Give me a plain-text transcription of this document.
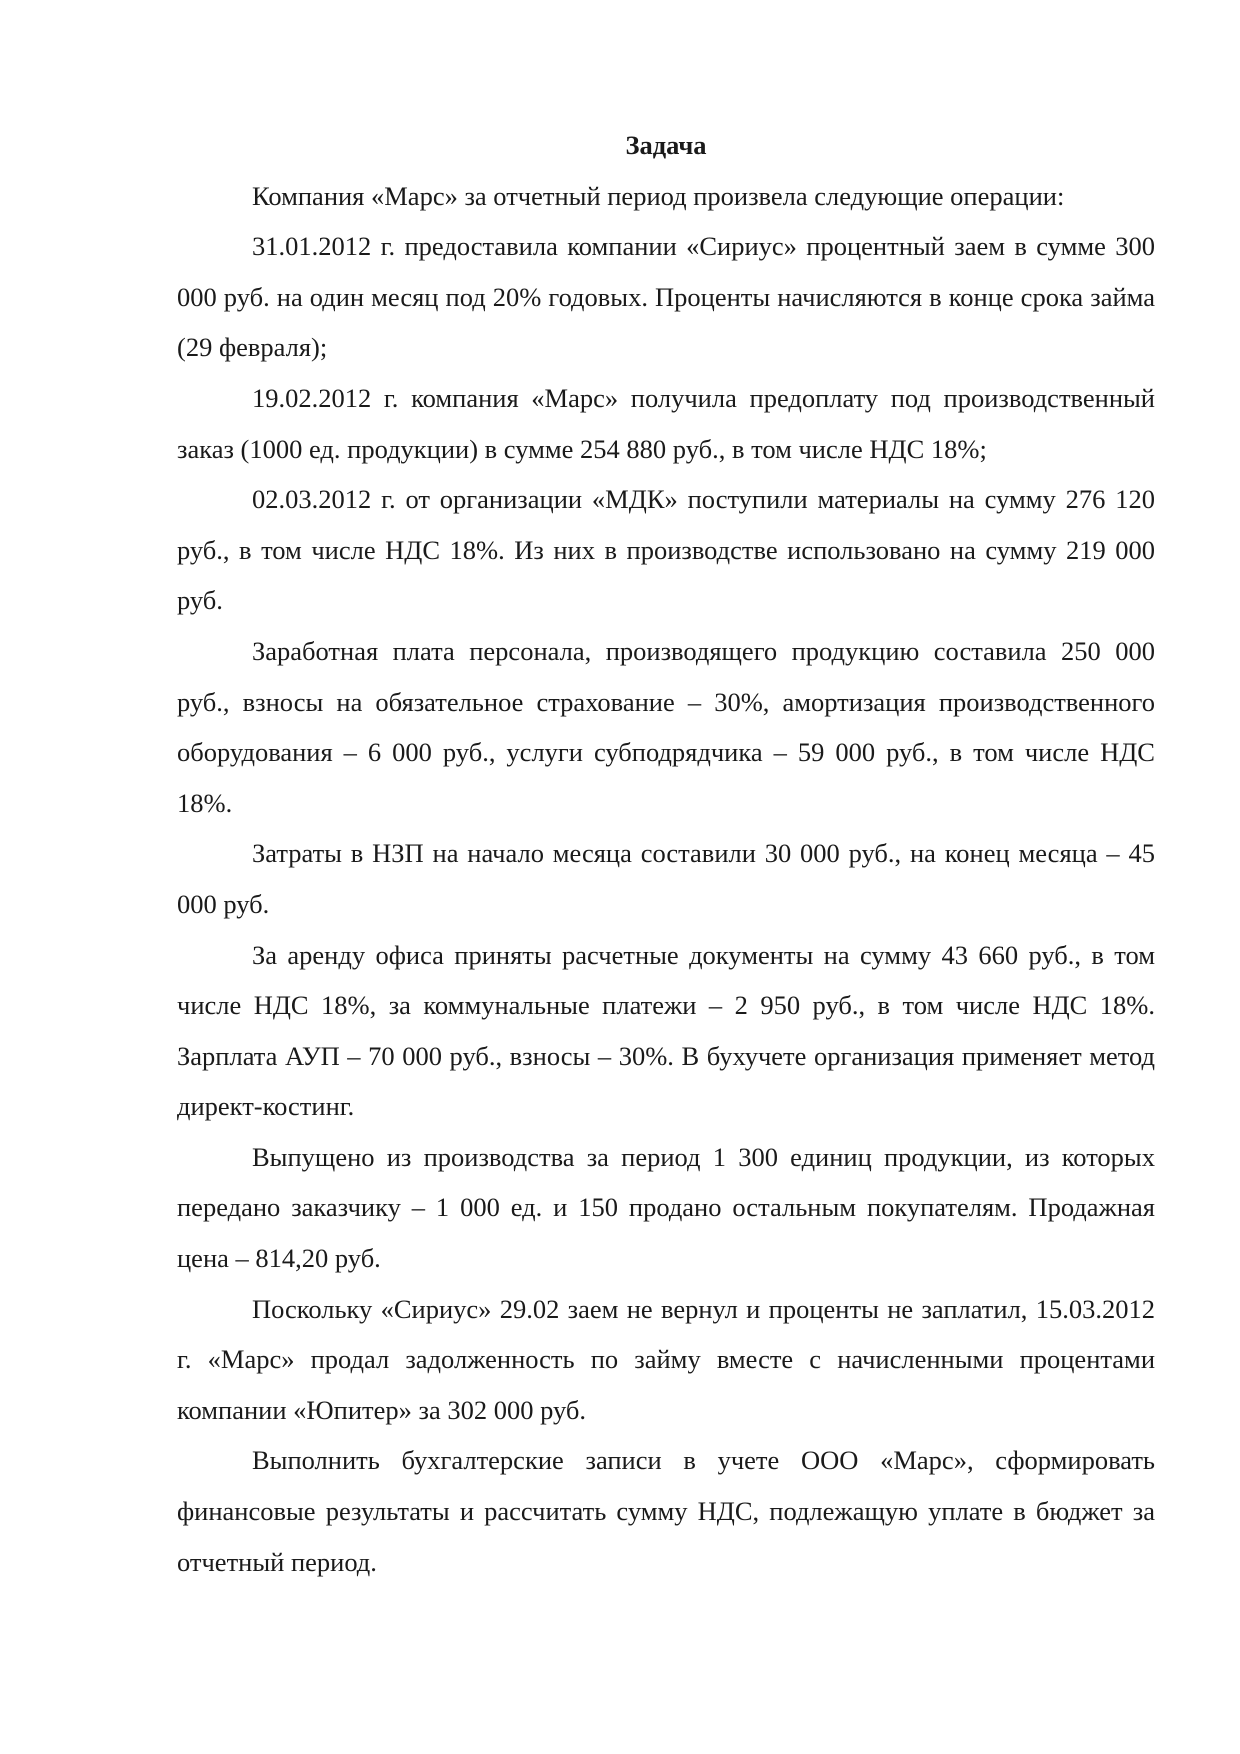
Задача

Компания «Марс» за отчетный период произвела следующие операции:

31.01.2012 г. предоставила компании «Сириус» процентный заем в сумме 300 000 руб. на один месяц под 20% годовых. Проценты начисляются в конце срока займа (29 февраля);

19.02.2012 г. компания «Марс» получила предоплату под производственный заказ (1000 ед. продукции) в сумме 254 880 руб., в том числе НДС 18%;

02.03.2012 г. от организации «МДК» поступили материалы на сумму 276 120 руб., в том числе НДС 18%. Из них в производстве использовано на сумму 219 000 руб.

Заработная плата персонала, производящего продукцию составила 250 000 руб., взносы на обязательное страхование – 30%, амортизация производственного оборудования – 6 000 руб., услуги субподрядчика – 59 000 руб., в том числе НДС 18%.

Затраты в НЗП на начало месяца составили 30 000 руб., на конец месяца – 45 000 руб.

За аренду офиса приняты расчетные документы на сумму 43 660 руб., в том числе НДС 18%, за коммунальные платежи – 2 950 руб., в том числе НДС 18%. Зарплата АУП – 70 000 руб., взносы – 30%. В бухучете организация применяет метод директ-костинг.

Выпущено из производства за период 1 300 единиц продукции, из которых передано заказчику – 1 000 ед. и 150 продано остальным покупателям. Продажная цена – 814,20 руб.

Поскольку «Сириус» 29.02 заем не вернул и проценты не заплатил, 15.03.2012 г. «Марс» продал задолженность по займу вместе с начисленными процентами компании «Юпитер» за 302 000 руб.

Выполнить бухгалтерские записи в учете ООО «Марс», сформировать финансовые результаты и рассчитать сумму НДС, подлежащую уплате в бюджет за отчетный период.
